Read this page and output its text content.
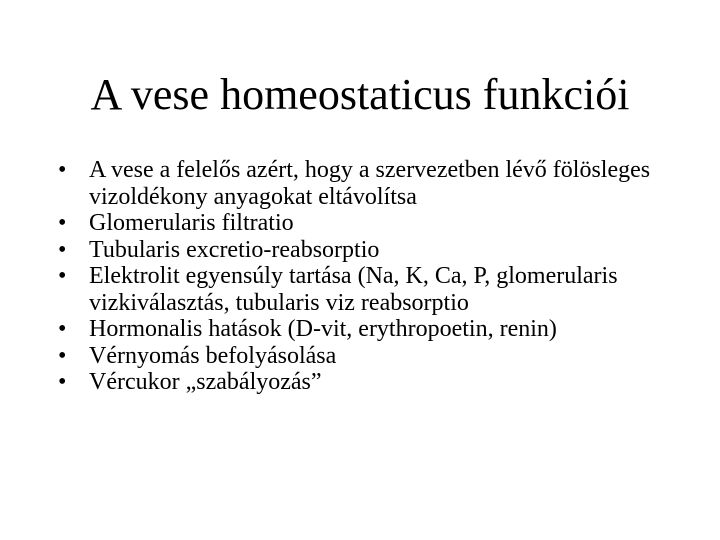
A vese homeostaticus funkciói
• A vese a felelős azért, hogy a szervezetben lévő fölösleges vizoldékony anyagokat eltávolítsa
• Glomerularis filtratio
• Tubularis excretio-reabsorptio
• Elektrolit egyensúly tartása (Na, K, Ca, P, glomerularis vizkiválasztás, tubularis viz reabsorptio
• Hormonalis hatások (D-vit, erythropoetin, renin)
• Vérnyomás befolyásolása
• Vércukor „szabályozás”
